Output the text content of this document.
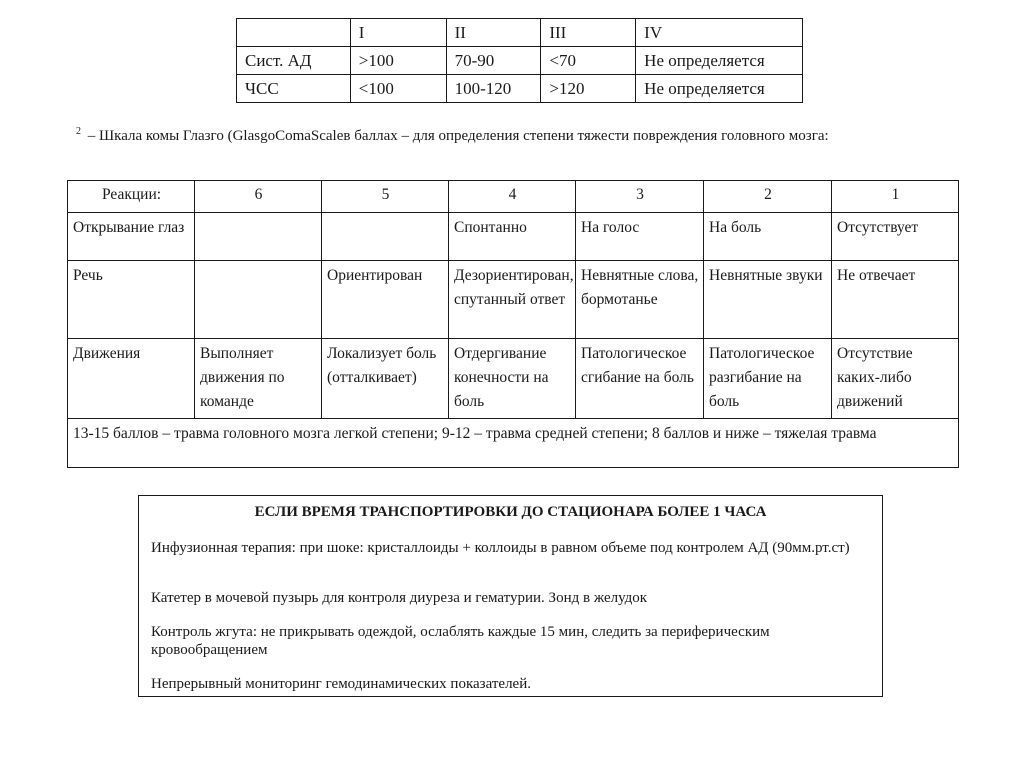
	I	II	III	IV
Сист. АД	>100	70-90	<70	Не определяется
ЧСС	<100	100-120	>120	Не определяется
$^2$ – Шкала комы Глазго (GlasgoComaScaleв баллах – для определения степени тяжести повреждения головного мозга:
Реакции:	6	5	4	3	2	1
Открывание глаз			Спонтанно	На голос	На боль	Отсутствует
Речь		Ориентирован	Дезориентирован, спутанный ответ	Невнятные слова, бормотанье	Невнятные звуки	Не отвечает
Движения	Выполняет движения по команде	Локализует боль (отталкивает)	Отдергивание конечности на боль	Патологическое сгибание на боль	Патологическое разгибание на боль	Отсутствие каких-либо движений
13-15 баллов – травма головного мозга легкой степени; 9-12 – травма средней степени; 8 баллов и ниже – тяжелая травма						
ЕСЛИ ВРЕМЯ ТРАНСПОРТИРОВКИ ДО СТАЦИОНАРА БОЛЕЕ 1 ЧАСА
Инфузионная терапия: при шоке: кристаллоиды + коллоиды в равном объеме под контролем АД (90мм.рт.ст)
Катетер в мочевой пузырь для контроля диуреза и гематурии. Зонд в желудок
Контроль жгута: не прикрывать одеждой, ослаблять каждые 15 мин, следить за периферическим кровообращением
Непрерывный мониторинг гемодинамических показателей.
